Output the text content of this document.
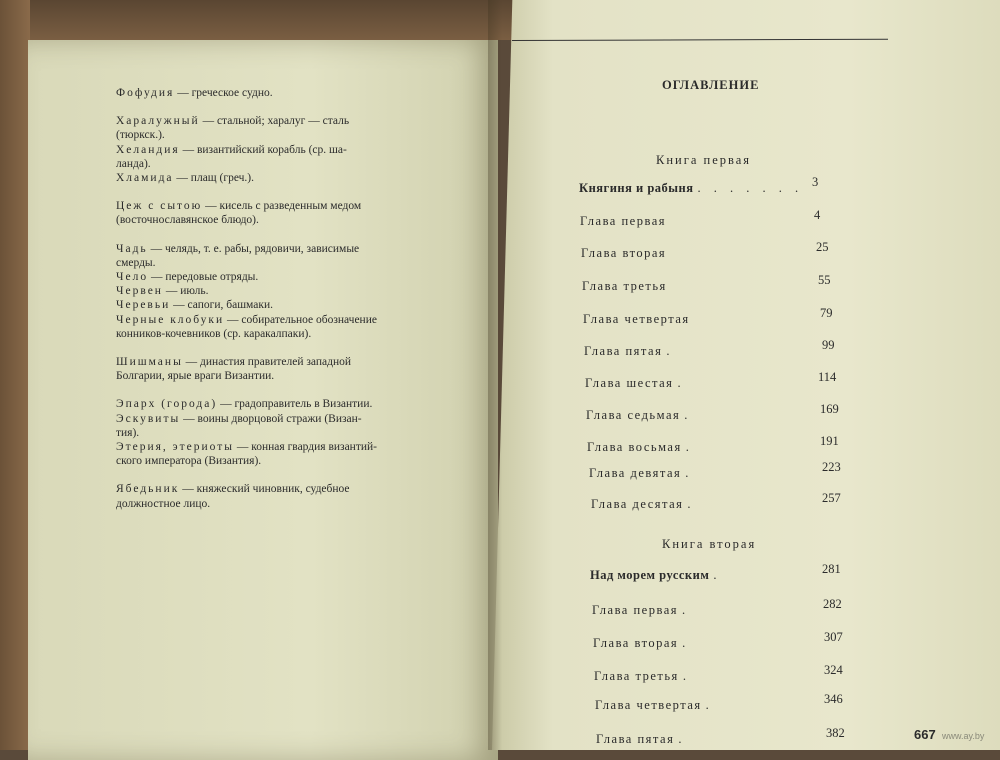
Фофудия — греческое судно.

Харалужный — стальной; харалуг — сталь
(тюркск.).

Хеландия — византийский корабль (ср. ша-
ланда).

Хламида — плащ (греч.).

Цеж с сытою — кисель с разведенным медом
(восточнославянское блюдо).

Чадь — челядь, т. е. рабы, рядовичи, зависимые
смерды.

Чело — передовые отряды.

Червен — июль.

Черевьи — сапоги, башмаки.

Черные клобуки — собирательное обозначение
конников-кочевников (ср. каракалпаки).

Шишманы — династия правителей западной
Болгарии, ярые враги Византии.

Эпарх (города) — градоправитель в Византии.

Эскувиты — воины дворцовой стражи (Визан-
тия).

Этерия, этериоты — конная гвардия византий-
ского императора (Византия).

Ябедьник — княжеский чиновник, судебное
должностное лицо.

ОГЛАВЛЕНИЕ
Книга первая
Книга вторая
Княгиня и рабыня . . . . . . . 3
Глава первая	4
Глава вторая	25
Глава третья	55
Глава четвертая	79
Глава пятая .	99
Глава шестая .	114
Глава седьмая .	169
Глава восьмая .	191
Глава девятая .	223
Глава десятая .	257
Над морем русским .	281
Глава первая .	282
Глава вторая .	307
Глава третья .	324
Глава четвертая .	346
Глава пятая .	382	667 www.ay.by
